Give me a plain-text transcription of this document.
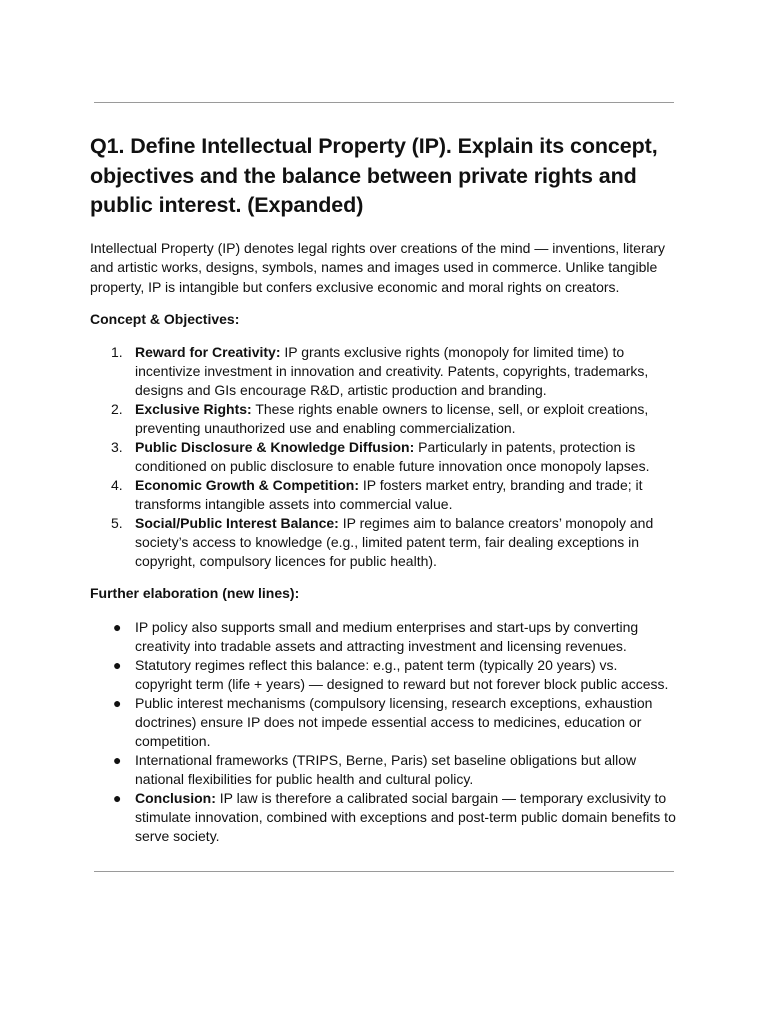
Q1. Define Intellectual Property (IP). Explain its concept, objectives and the balance between private rights and public interest. (Expanded)

Intellectual Property (IP) denotes legal rights over creations of the mind — inventions, literary and artistic works, designs, symbols, names and images used in commerce. Unlike tangible property, IP is intangible but confers exclusive economic and moral rights on creators.

Concept & Objectives:

1. Reward for Creativity: IP grants exclusive rights (monopoly for limited time) to incentivize investment in innovation and creativity. Patents, copyrights, trademarks, designs and GIs encourage R&D, artistic production and branding.
2. Exclusive Rights: These rights enable owners to license, sell, or exploit creations, preventing unauthorized use and enabling commercialization.
3. Public Disclosure & Knowledge Diffusion: Particularly in patents, protection is conditioned on public disclosure to enable future innovation once monopoly lapses.
4. Economic Growth & Competition: IP fosters market entry, branding and trade; it transforms intangible assets into commercial value.
5. Social/Public Interest Balance: IP regimes aim to balance creators’ monopoly and society’s access to knowledge (e.g., limited patent term, fair dealing exceptions in copyright, compulsory licences for public health).

Further elaboration (new lines):

● IP policy also supports small and medium enterprises and start-ups by converting creativity into tradable assets and attracting investment and licensing revenues.
● Statutory regimes reflect this balance: e.g., patent term (typically 20 years) vs. copyright term (life + years) — designed to reward but not forever block public access.
● Public interest mechanisms (compulsory licensing, research exceptions, exhaustion doctrines) ensure IP does not impede essential access to medicines, education or competition.
● International frameworks (TRIPS, Berne, Paris) set baseline obligations but allow national flexibilities for public health and cultural policy.
● Conclusion: IP law is therefore a calibrated social bargain — temporary exclusivity to stimulate innovation, combined with exceptions and post-term public domain benefits to serve society.
